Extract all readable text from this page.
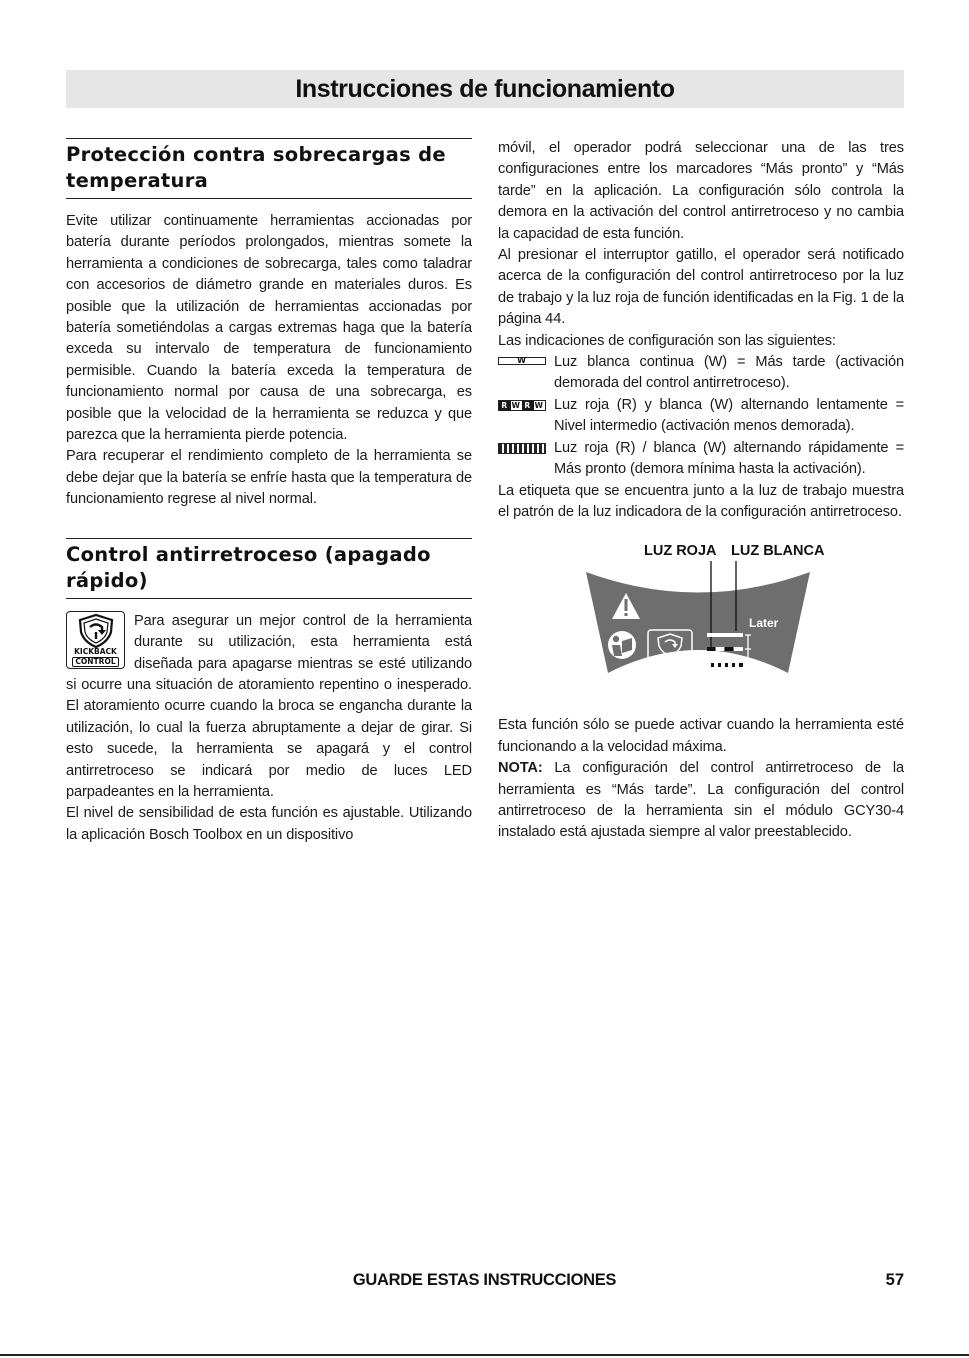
Instrucciones de funcionamiento
Protección contra sobrecargas de temperatura

Evite utilizar continuamente herramientas accionadas por batería durante períodos prolongados, mientras somete la herramienta a condiciones de sobrecarga, tales como taladrar con accesorios de diámetro grande en materiales duros. Es posible que la utilización de herramientas accionadas por batería sometiéndolas a cargas extremas haga que la batería exceda su intervalo de temperatura de funcionamiento permisible. Cuando la batería exceda la temperatura de funcionamiento normal por causa de una sobrecarga, es posible que la velocidad de la herramienta se reduzca y que parezca que la herramienta pierde potencia.

Para recuperar el rendimiento completo de la herramienta se debe dejar que la batería se enfríe hasta que la temperatura de funcionamiento regrese al nivel normal.

Control antirretroceso (apagado rápido)
KICKBACK
CONTROL

Para asegurar un mejor control de la herramienta durante su utilización, esta herramienta está diseñada para apagarse mientras se esté utilizando si ocurre una situación de atoramiento repentino o inesperado. El atoramiento ocurre cuando la broca se engancha durante la utilización, lo cual la fuerza abruptamente a dejar de girar. Si esto sucede, la herramienta se apagará y el control antirretroceso se indicará por medio de luces LED parpadeantes en la herramienta.

El nivel de sensibilidad de esta función es ajustable. Utilizando la aplicación Bosch Toolbox en un dispositivo

móvil, el operador podrá seleccionar una de las tres configuraciones entre los marcadores “Más pronto” y “Más tarde” en la aplicación. La configuración sólo controla la demora en la activación del control antirretroceso y no cambia la capacidad de esta función.

Al presionar el interruptor gatillo, el operador será notificado acerca de la configuración del control antirretroceso por la luz de trabajo y la luz roja de función identificadas en la Fig. 1 de la página 44.

Las indicaciones de configuración son las siguientes:

W	Luz blanca continua (W) = Más tarde (activación demorada del control antirretroceso).
R W R W Luz roja (R) y blanca (W) alternando lentamente = Nivel intermedio (activación menos demorada).
Luz roja (R) / blanca (W) alternando rápidamente = Más pronto (demora mínima hasta la activación).

La etiqueta que se encuentra junto a la luz de trabajo muestra el patrón de la luz indicadora de la configuración antirretroceso.

LUZ ROJA LUZ BLANCA
KICKBACK
CONTROL
Later
Earlier

Esta función sólo se puede activar cuando la herramienta esté funcionando a la velocidad máxima.

NOTA: La configuración del control antirretroceso de la herramienta es “Más tarde”. La configuración del control antirretroceso de la herramienta sin el módulo GCY30-4 instalado está ajustada siempre al valor preestablecido.

GUARDE ESTAS INSTRUCCIONES	57
